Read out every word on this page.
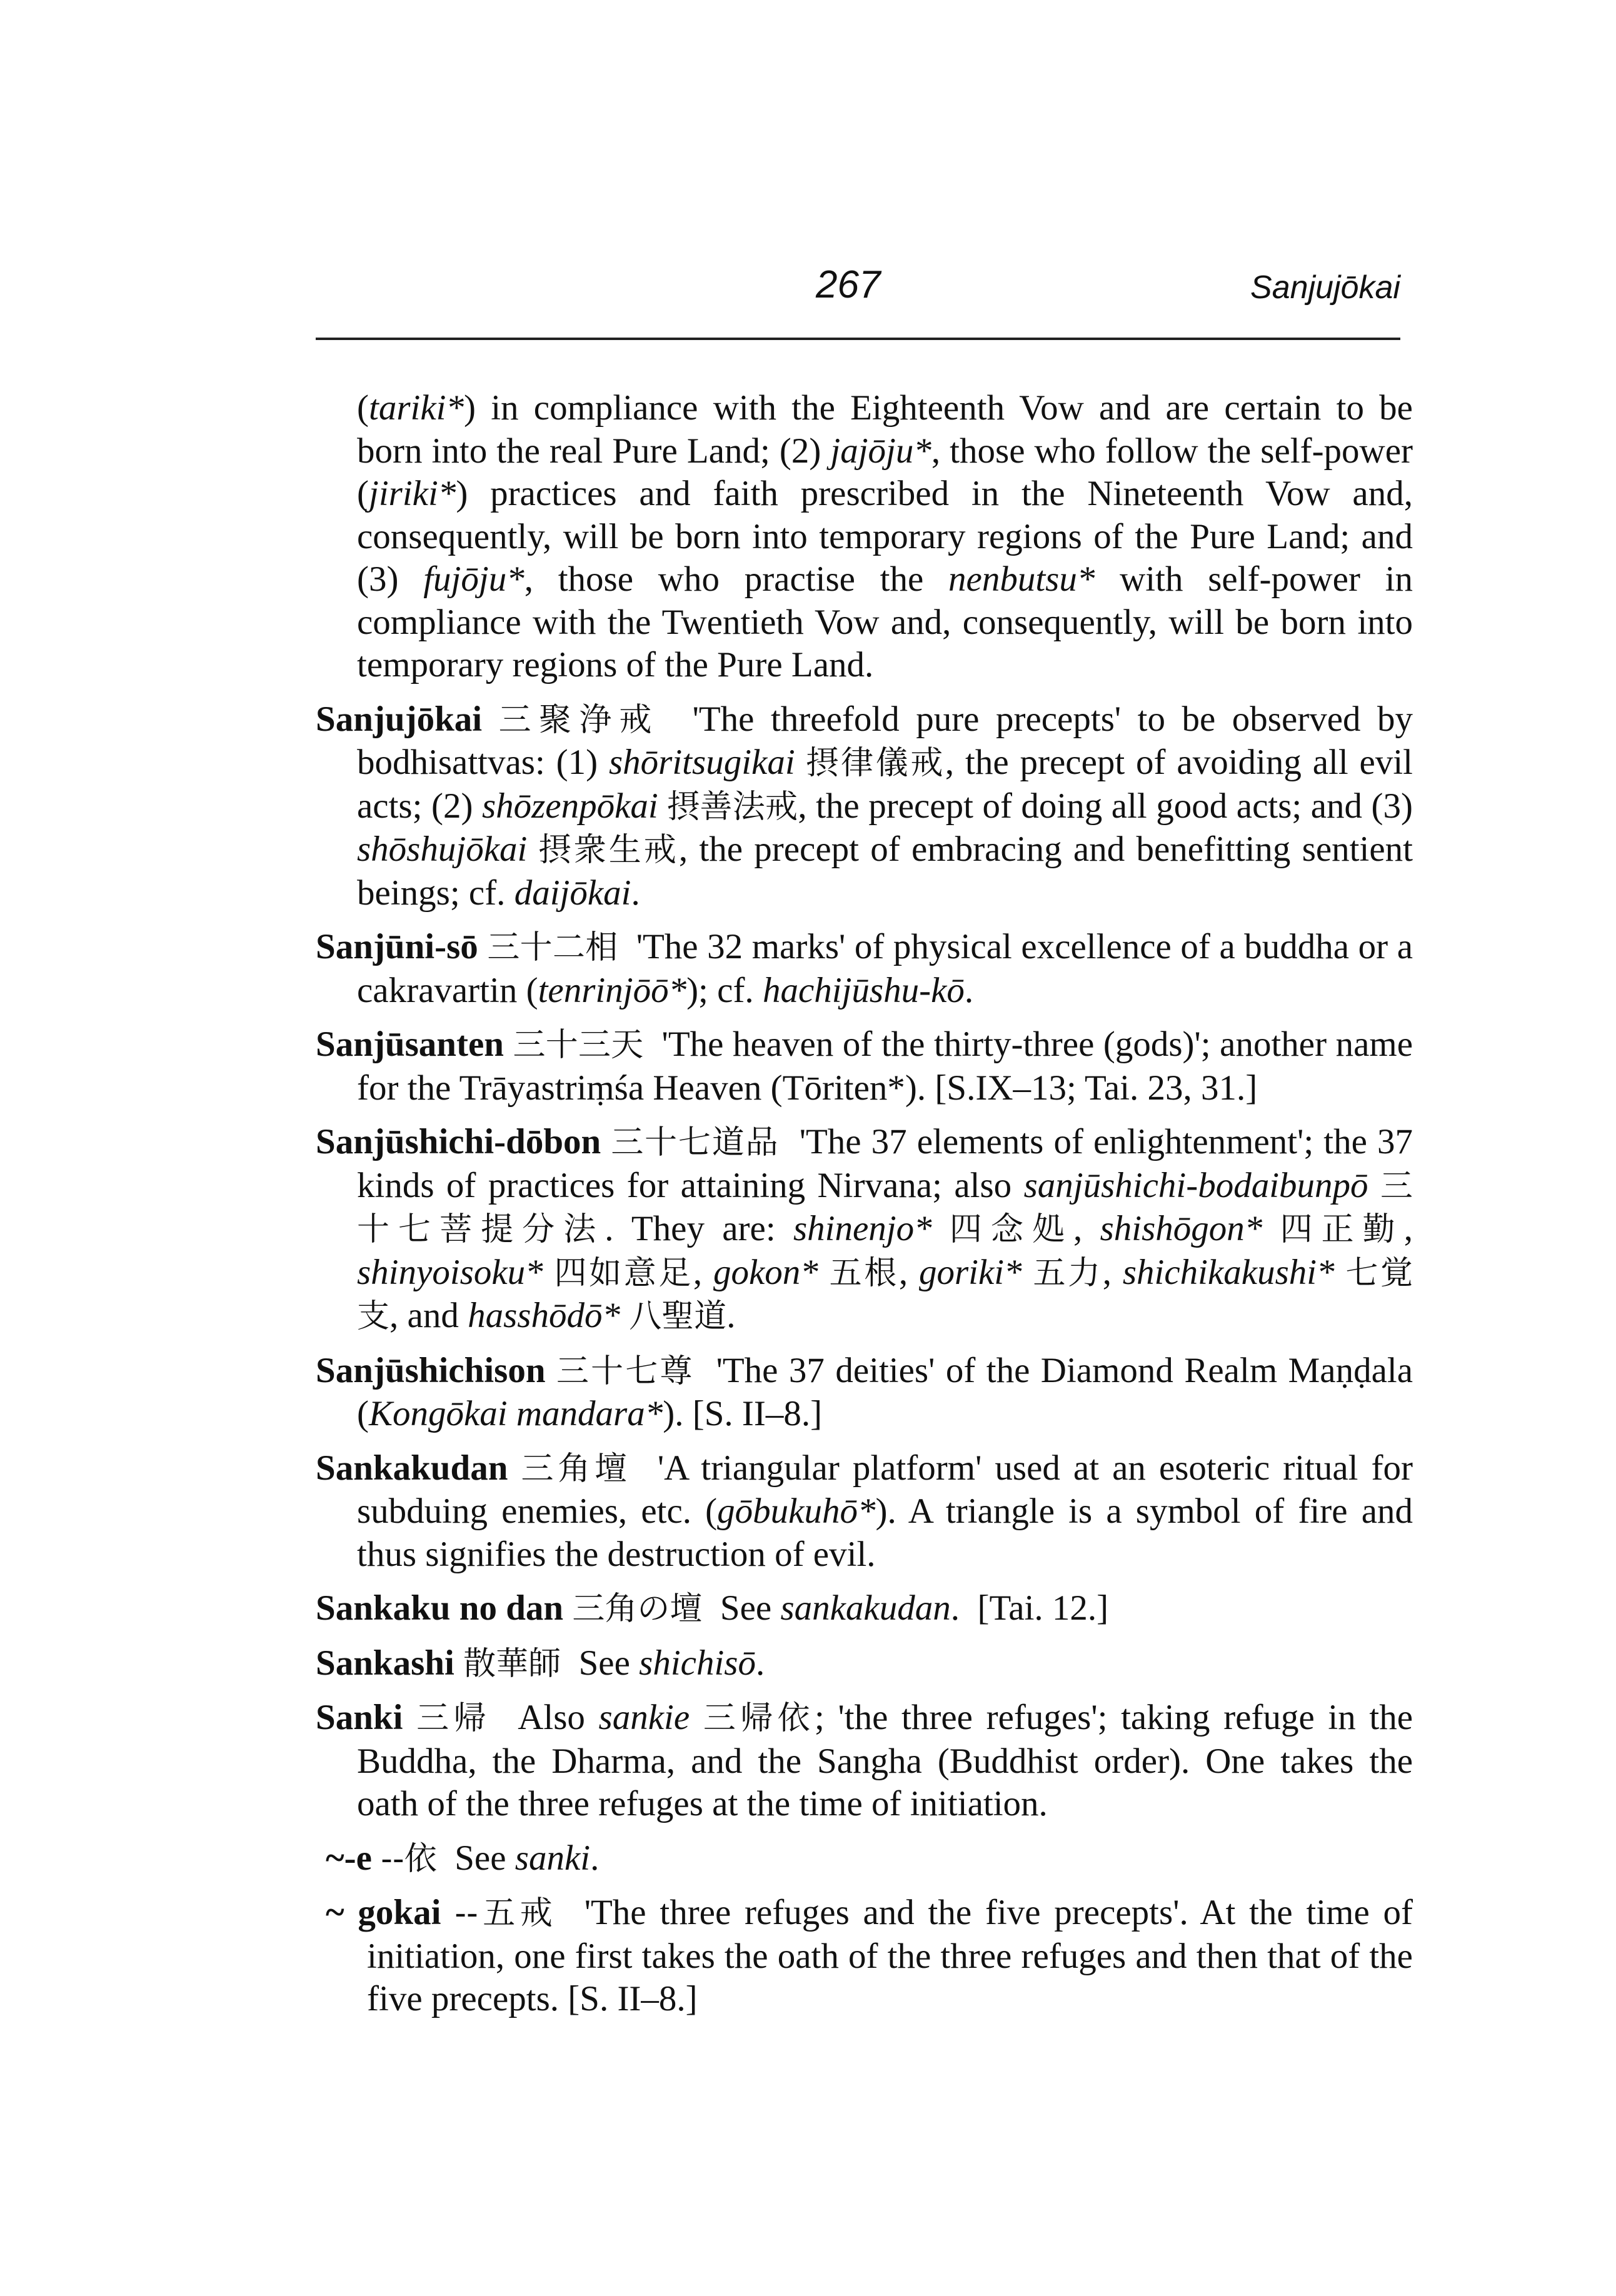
267	Sanjujōkai

(tariki*) in compliance with the Eighteenth Vow and are certain to be born into the real Pure Land; (2) jajōju*, those who follow the self-power (jiriki*) practices and faith prescribed in the Nineteenth Vow and, consequently, will be born into temporary regions of the Pure Land; and (3) fujōju*, those who practise the nenbutsu* with self-power in compliance with the Twentieth Vow and, consequently, will be born into temporary regions of the Pure Land.

Sanjujōkai 三聚浄戒 'The threefold pure precepts' to be observed by bodhisattvas: (1) shōritsugikai 摂律儀戒, the precept of avoiding all evil acts; (2) shōzenpōkai 摂善法戒, the precept of doing all good acts; and (3) shōshujōkai 摂衆生戒, the precept of embracing and benefitting sentient beings; cf. daijōkai.

Sanjūni-sō 三十二相 'The 32 marks' of physical excellence of a buddha or a cakravartin (tenrinjōō*); cf. hachijūshu-kō.

Sanjūsanten 三十三天 'The heaven of the thirty-three (gods)'; another name for the Trāyastriṃśa Heaven (Tōriten*). [S.IX–13; Tai. 23, 31.]

Sanjūshichi-dōbon 三十七道品 'The 37 elements of enlightenment'; the 37 kinds of practices for attaining Nirvana; also sanjūshichi-bodaibunpō 三十七菩提分法. They are: shinenjo* 四念処, shishōgon* 四正勤, shinyoisoku* 四如意足, gokon* 五根, goriki* 五力, shichikakushi* 七覚支, and hasshōdō* 八聖道.

Sanjūshichison 三十七尊 'The 37 deities' of the Diamond Realm Maṇḍala (Kongōkai mandara*). [S. II–8.]

Sankakudan 三角壇 'A triangular platform' used at an esoteric ritual for subduing enemies, etc. (gōbukuhō*). A triangle is a symbol of fire and thus signifies the destruction of evil.

Sankaku no dan 三角の壇 See sankakudan. [Tai. 12.]

Sankashi 散華師 See shichisō.

Sanki 三帰 Also sankie 三帰依; 'the three refuges'; taking refuge in the Buddha, the Dharma, and the Sangha (Buddhist order). One takes the oath of the three refuges at the time of initiation.

~-e --依 See sanki.

~ gokai --五戒 'The three refuges and the five precepts'. At the time of initiation, one first takes the oath of the three refuges and then that of the five precepts. [S. II–8.]
